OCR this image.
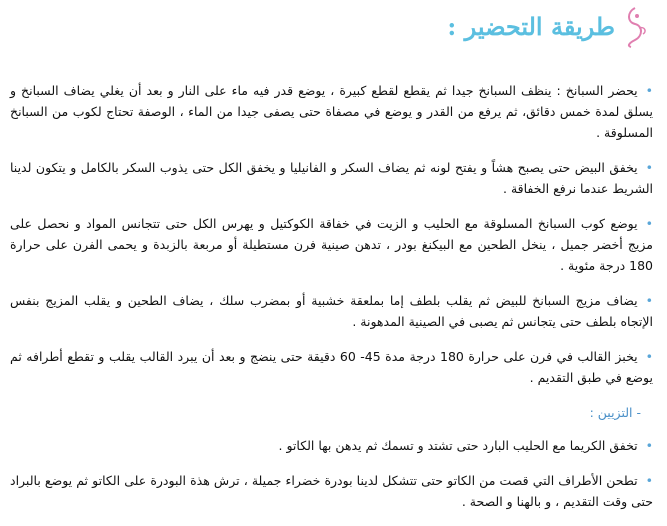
طريقة التحضير :

•يحضر السبانخ : ينظف السبانخ جيدا ثم يقطع لقطع كبيرة ، يوضع قدر فيه ماء على النار و بعد أن يغلي يضاف السبانخ و يسلق لمدة خمس دقائق، ثم يرفع من القدر و يوضع في مصفاة حتى يصفى جيدا من الماء ، الوصفة تحتاج لكوب من السبانخ المسلوقة .

•يخفق البيض حتى يصبح هشاً و يفتح لونه ثم يضاف السكر و الفانيليا و يخفق الكل حتى يذوب السكر بالكامل و يتكون لدينا الشريط عندما نرفع الخفاقة .

•يوضع كوب السبانخ المسلوقة مع الحليب و الزيت في خفاقة الكوكتيل و يهرس الكل حتى تتجانس المواد و نحصل على مزيج أخضر جميل ، ينخل الطحين مع البيكنغ بودر ، تدهن صينية فرن مستطيلة أو مربعة بالزبدة و يحمى الفرن على حرارة 180 درجة مئوية .

•يضاف مزيج السبانخ للبيض ثم يقلب بلطف إما بملعقة خشبية أو بمضرب سلك ، يضاف الطحين و يقلب المزيج بنفس الإتجاه بلطف حتى يتجانس ثم يصبى في الصينية المدهونة .

•يخبز القالب في فرن على حرارة 180 درجة مدة 45- 60 دقيقة حتى ينضج و بعد أن يبرد القالب يقلب و تقطع أطرافه ثم يوضع في طبق التقديم .

- التزيين :

•تخفق الكريما مع الحليب البارد حتى تشتد و تسمك ثم يدهن بها الكاتو .

•تطحن الأطراف التي قصت من الكاتو حتى تتشكل لدينا بودرة خضراء جميلة ، ترش هذة البودرة على الكاتو ثم يوضع بالبراد حتى وقت التقديم ، و بالهنا و الصحة .
